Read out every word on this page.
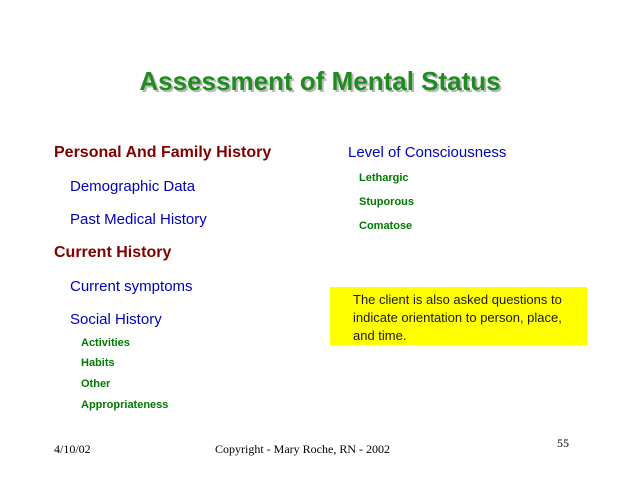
Assessment of Mental Status
Personal And Family History
Demographic Data
Past Medical History
Current History
Current symptoms
Social History
Activities
Habits
Other
Appropriateness
Level of Consciousness
Lethargic
Stuporous
Comatose
The client is also asked questions to indicate orientation to person, place, and time.
4/10/02	Copyright - Mary Roche, RN - 2002	55
